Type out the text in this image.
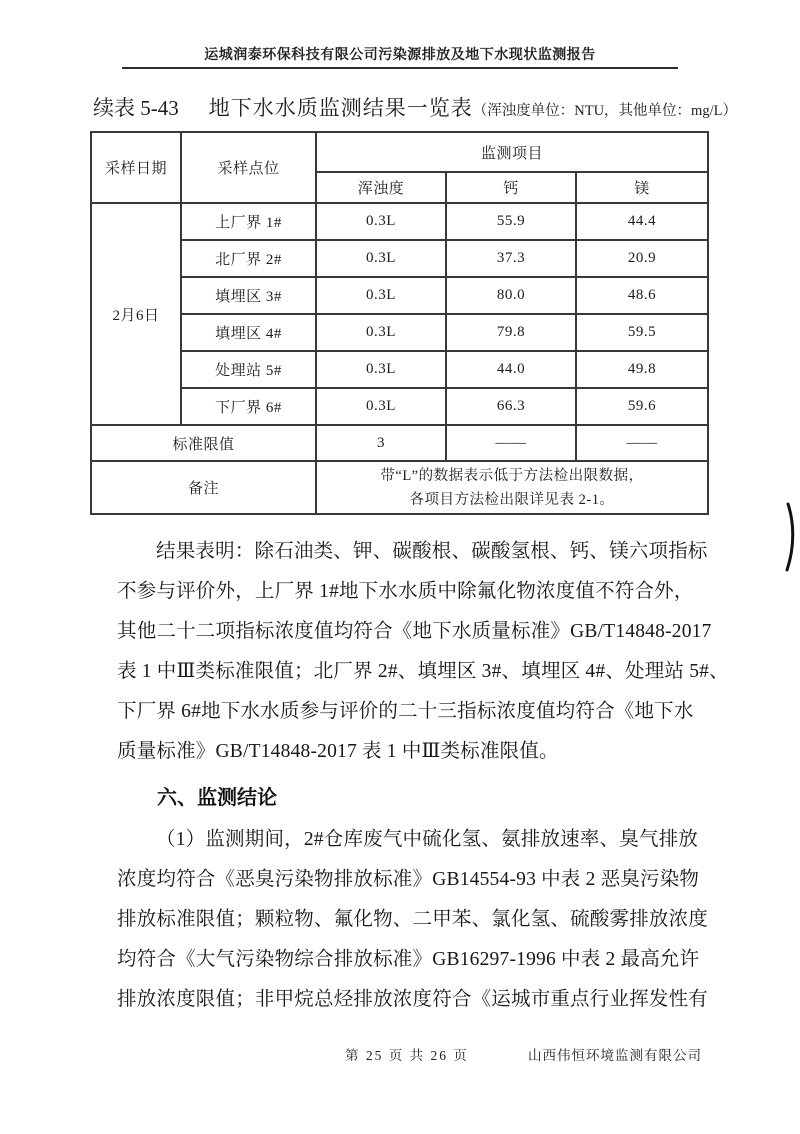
运城润泰环保科技有限公司污染源排放及地下水现状监测报告
续表 5-43 地下水水质监测结果一览表 （浑浊度单位：NTU，其他单位：mg/L）
采样日期	采样点位	监测项目		
		浑浊度	钙	镁
2月6日	上厂界 1#	0.3L	55.9	44.4
	北厂界 2#	0.3L	37.3	20.9
	填埋区 3#	0.3L	80.0	48.6
	填埋区 4#	0.3L	79.8	59.5
	处理站 5#	0.3L	44.0	49.8
	下厂界 6#	0.3L	66.3	59.6
标准限值		3	——	——
备注		带“L”的数据表示低于方法检出限数据，
各项目方法检出限详见表 2-1。		
结果表明：除石油类、钾、碳酸根、碳酸氢根、钙、镁六项指标
不参与评价外，上厂界 1#地下水水质中除氟化物浓度值不符合外，
其他二十二项指标浓度值均符合《地下水质量标准》GB/T14848-2017
表 1 中Ⅲ类标准限值；北厂界 2#、填埋区 3#、填埋区 4#、处理站 5#、
下厂界 6#地下水水质参与评价的二十三指标浓度值均符合《地下水
质量标准》GB/T14848-2017 表 1 中Ⅲ类标准限值。
六、监测结论
（1）监测期间，2#仓库废气中硫化氢、氨排放速率、臭气排放
浓度均符合《恶臭污染物排放标准》GB14554-93 中表 2 恶臭污染物
排放标准限值；颗粒物、氟化物、二甲苯、氯化氢、硫酸雾排放浓度
均符合《大气污染物综合排放标准》GB16297-1996 中表 2 最高允许
排放浓度限值；非甲烷总烃排放浓度符合《运城市重点行业挥发性有
第 25 页 共 26 页	山西伟恒环境监测有限公司
